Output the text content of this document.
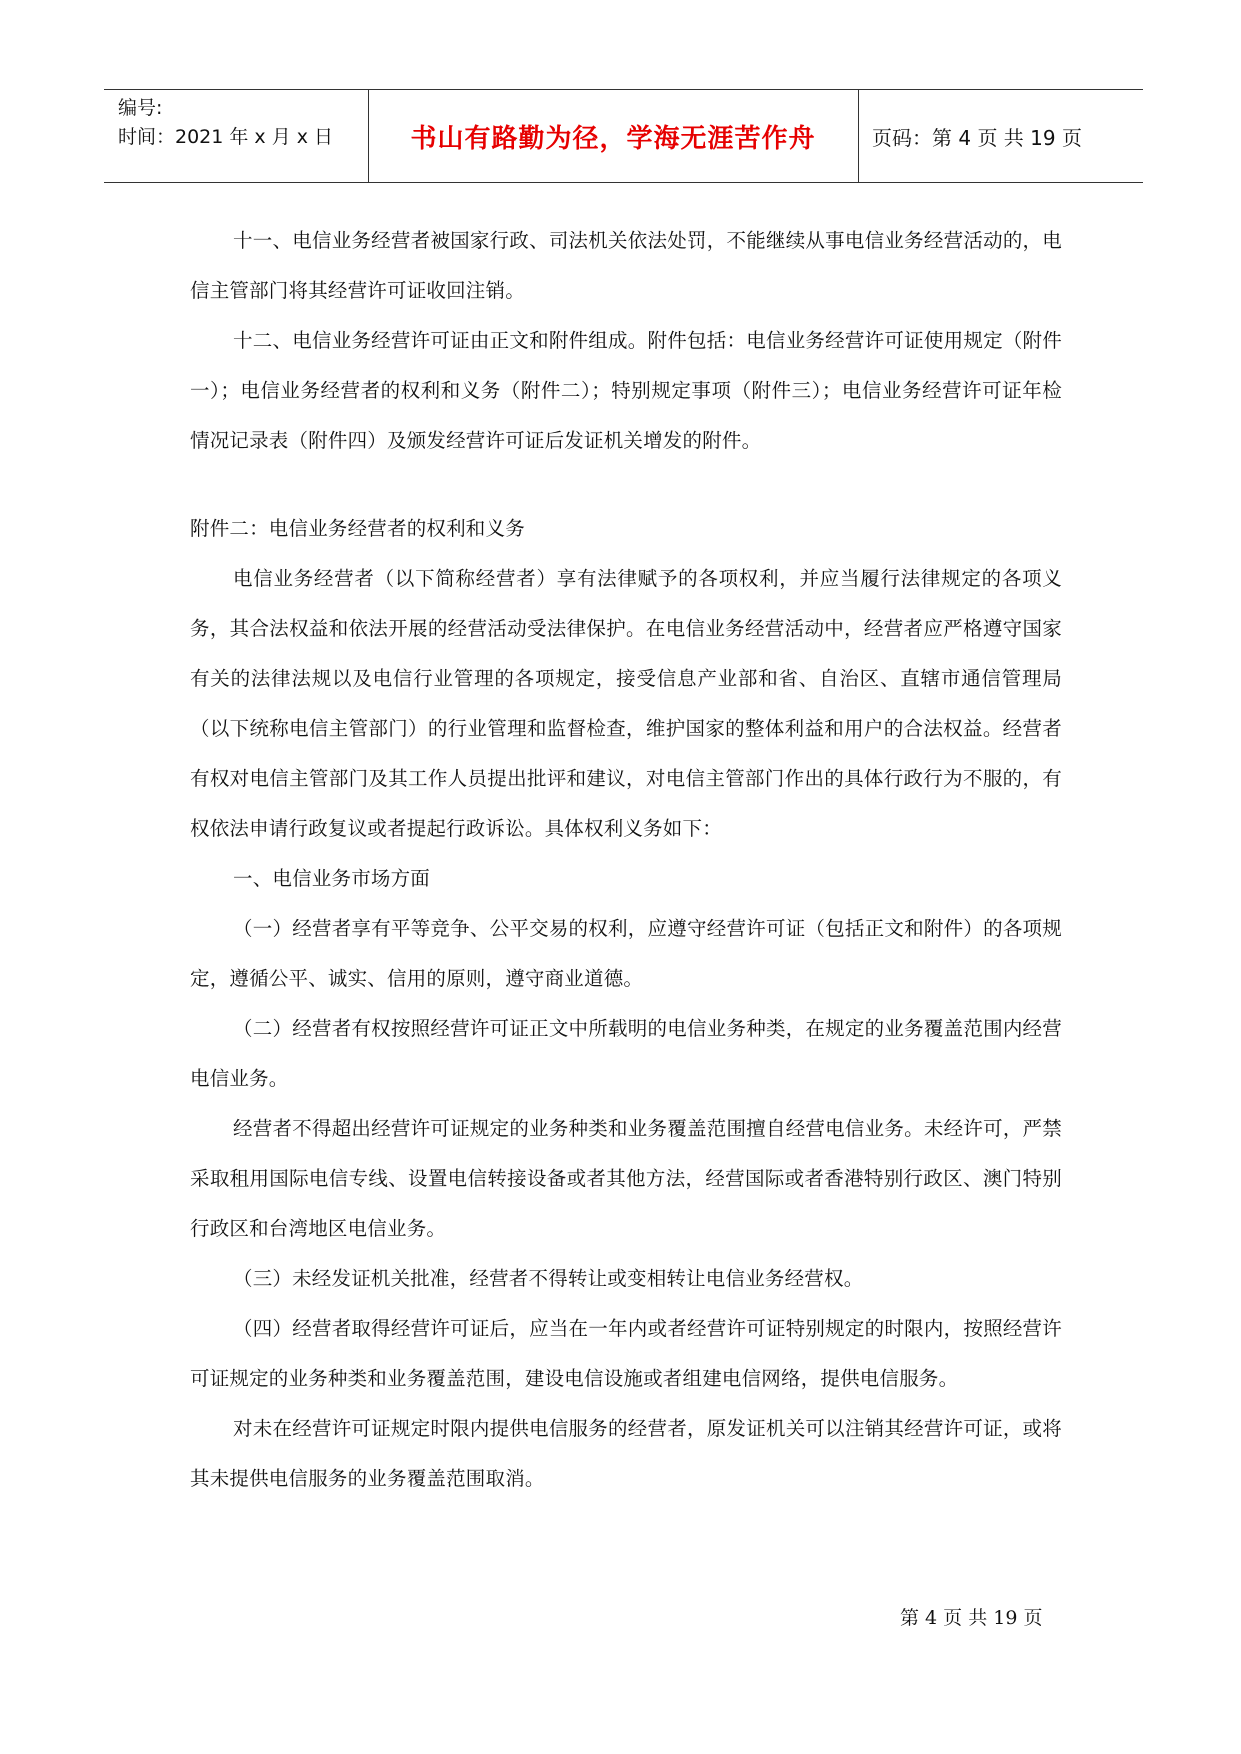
编号:
时间：2021 年 x 月 x 日	书山有路勤为径，学海无涯苦作舟	页码：第 4 页 共 19 页

十一、电信业务经营者被国家行政、司法机关依法处罚，不能继续从事电信业务经营活动的，电信主管部门将其经营许可证收回注销。

十二、电信业务经营许可证由正文和附件组成。附件包括：电信业务经营许可证使用规定（附件一）；电信业务经营者的权利和义务（附件二）；特别规定事项（附件三）；电信业务经营许可证年检情况记录表（附件四）及颁发经营许可证后发证机关增发的附件。

附件二：电信业务经营者的权利和义务

电信业务经营者（以下简称经营者）享有法律赋予的各项权利，并应当履行法律规定的各项义务，其合法权益和依法开展的经营活动受法律保护。在电信业务经营活动中，经营者应严格遵守国家有关的法律法规以及电信行业管理的各项规定，接受信息产业部和省、自治区、直辖市通信管理局（以下统称电信主管部门）的行业管理和监督检查，维护国家的整体利益和用户的合法权益。经营者有权对电信主管部门及其工作人员提出批评和建议，对电信主管部门作出的具体行政行为不服的，有权依法申请行政复议或者提起行政诉讼。具体权利义务如下：

一、电信业务市场方面

（一）经营者享有平等竞争、公平交易的权利，应遵守经营许可证（包括正文和附件）的各项规定，遵循公平、诚实、信用的原则，遵守商业道德。

（二）经营者有权按照经营许可证正文中所载明的电信业务种类，在规定的业务覆盖范围内经营电信业务。

经营者不得超出经营许可证规定的业务种类和业务覆盖范围擅自经营电信业务。未经许可，严禁采取租用国际电信专线、设置电信转接设备或者其他方法，经营国际或者香港特别行政区、澳门特别行政区和台湾地区电信业务。

（三）未经发证机关批准，经营者不得转让或变相转让电信业务经营权。

（四）经营者取得经营许可证后，应当在一年内或者经营许可证特别规定的时限内，按照经营许可证规定的业务种类和业务覆盖范围，建设电信设施或者组建电信网络，提供电信服务。

对未在经营许可证规定时限内提供电信服务的经营者，原发证机关可以注销其经营许可证，或将其未提供电信服务的业务覆盖范围取消。

第 4 页 共 19 页
